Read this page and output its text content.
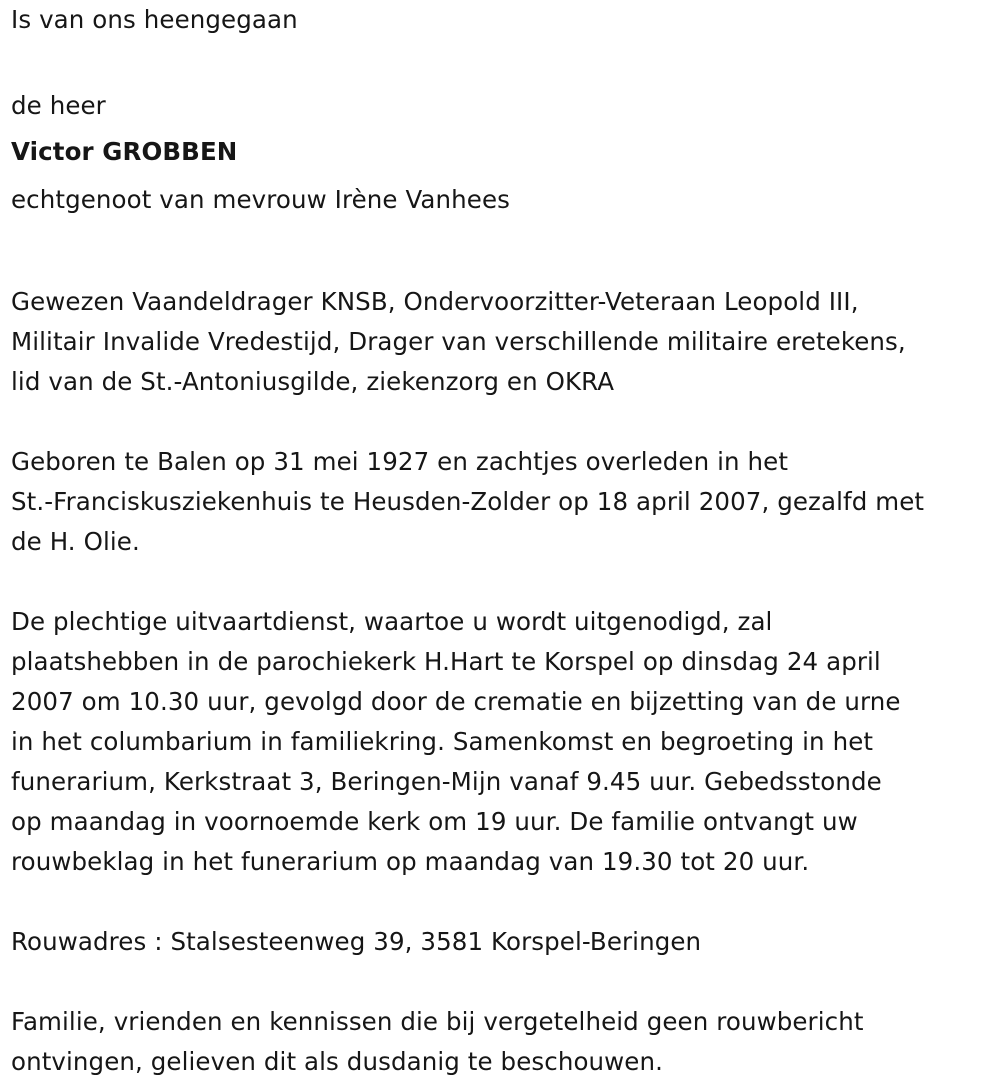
Is van ons heengegaan
de heer
Victor GROBBEN
echtgenoot van mevrouw Irène Vanhees
Gewezen Vaandeldrager KNSB, Ondervoorzitter-Veteraan Leopold III,
Militair Invalide Vredestijd, Drager van verschillende militaire eretekens,
lid van de St.-Antoniusgilde, ziekenzorg en OKRA
Geboren te Balen op 31 mei 1927 en zachtjes overleden in het
St.-Franciskusziekenhuis te Heusden-Zolder op 18 april 2007, gezalfd met
de H. Olie.
De plechtige uitvaartdienst, waartoe u wordt uitgenodigd, zal
plaatshebben in de parochiekerk H.Hart te Korspel op dinsdag 24 april
2007 om 10.30 uur, gevolgd door de crematie en bijzetting van de urne
in het columbarium in familiekring. Samenkomst en begroeting in het
funerarium, Kerkstraat 3, Beringen-Mijn vanaf 9.45 uur. Gebedsstonde
op maandag in voornoemde kerk om 19 uur. De familie ontvangt uw
rouwbeklag in het funerarium op maandag van 19.30 tot 20 uur.
Rouwadres : Stalsesteenweg 39, 3581 Korspel-Beringen
Familie, vrienden en kennissen die bij vergetelheid geen rouwbericht
ontvingen, gelieven dit als dusdanig te beschouwen.
